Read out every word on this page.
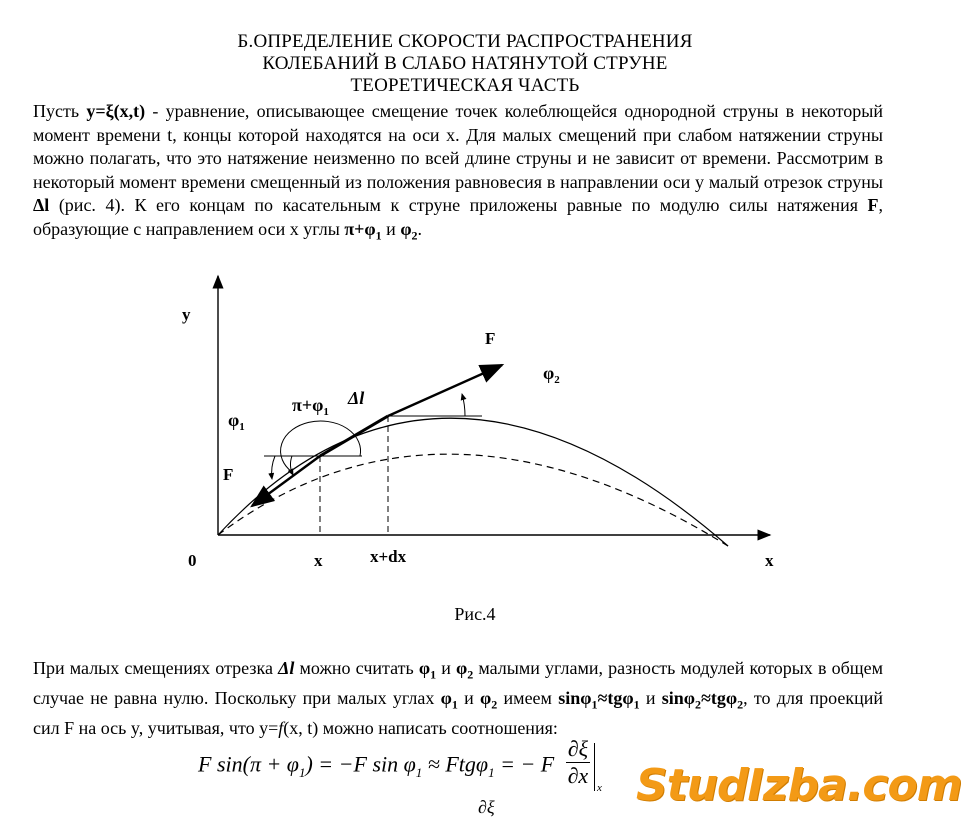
Б.ОПРЕДЕЛЕНИЕ СКОРОСТИ РАСПРОСТРАНЕНИЯ
КОЛЕБАНИЙ В СЛАБО НАТЯНУТОЙ СТРУНЕ
ТЕОРЕТИЧЕСКАЯ ЧАСТЬ
Пусть y=ξ(x,t) - уравнение, описывающее смещение точек колеблющейся однородной струны в некоторый момент времени t, концы которой находятся на оси x. Для малых смещений при слабом натяжении струны можно полагать, что это натяжение неизменно по всей длине струны и не зависит от времени. Рассмотрим в некоторый момент времени смещенный из положения равновесия в направлении оси y малый отрезок струны Δl (рис. 4). К его концам по касательным к струне приложены равные по модулю силы натяжения F, образующие с направлением оси x углы $\pi+\varphi_1$ и $\varphi_2$.
y
x
0	x	x+dx
F
F
$\varphi_1$
$\varphi_2$
$\pi+\varphi_1$
Δl
Рис.4
При малых смещениях отрезка Δl можно считать $\varphi_1$ и $\varphi_2$ малыми углами, разность модулей которых в общем случае не равна нулю. Поскольку при малых углах $\varphi_1$ и $\varphi_2$ имеем sinφ$_1$≈tgφ$_1$ и sinφ$_2$≈tgφ$_2$, то для проекций сил F на ось y, учитывая, что y=f(x, t) можно написать соотношения:
F $\sin(\pi + \varphi_1) = -F$ $\sin \varphi_1 \approx Ftg\varphi_1$ = − F $\frac{\partial\xi}{\partial x} _x$
∂ξ	StudIzba.com
